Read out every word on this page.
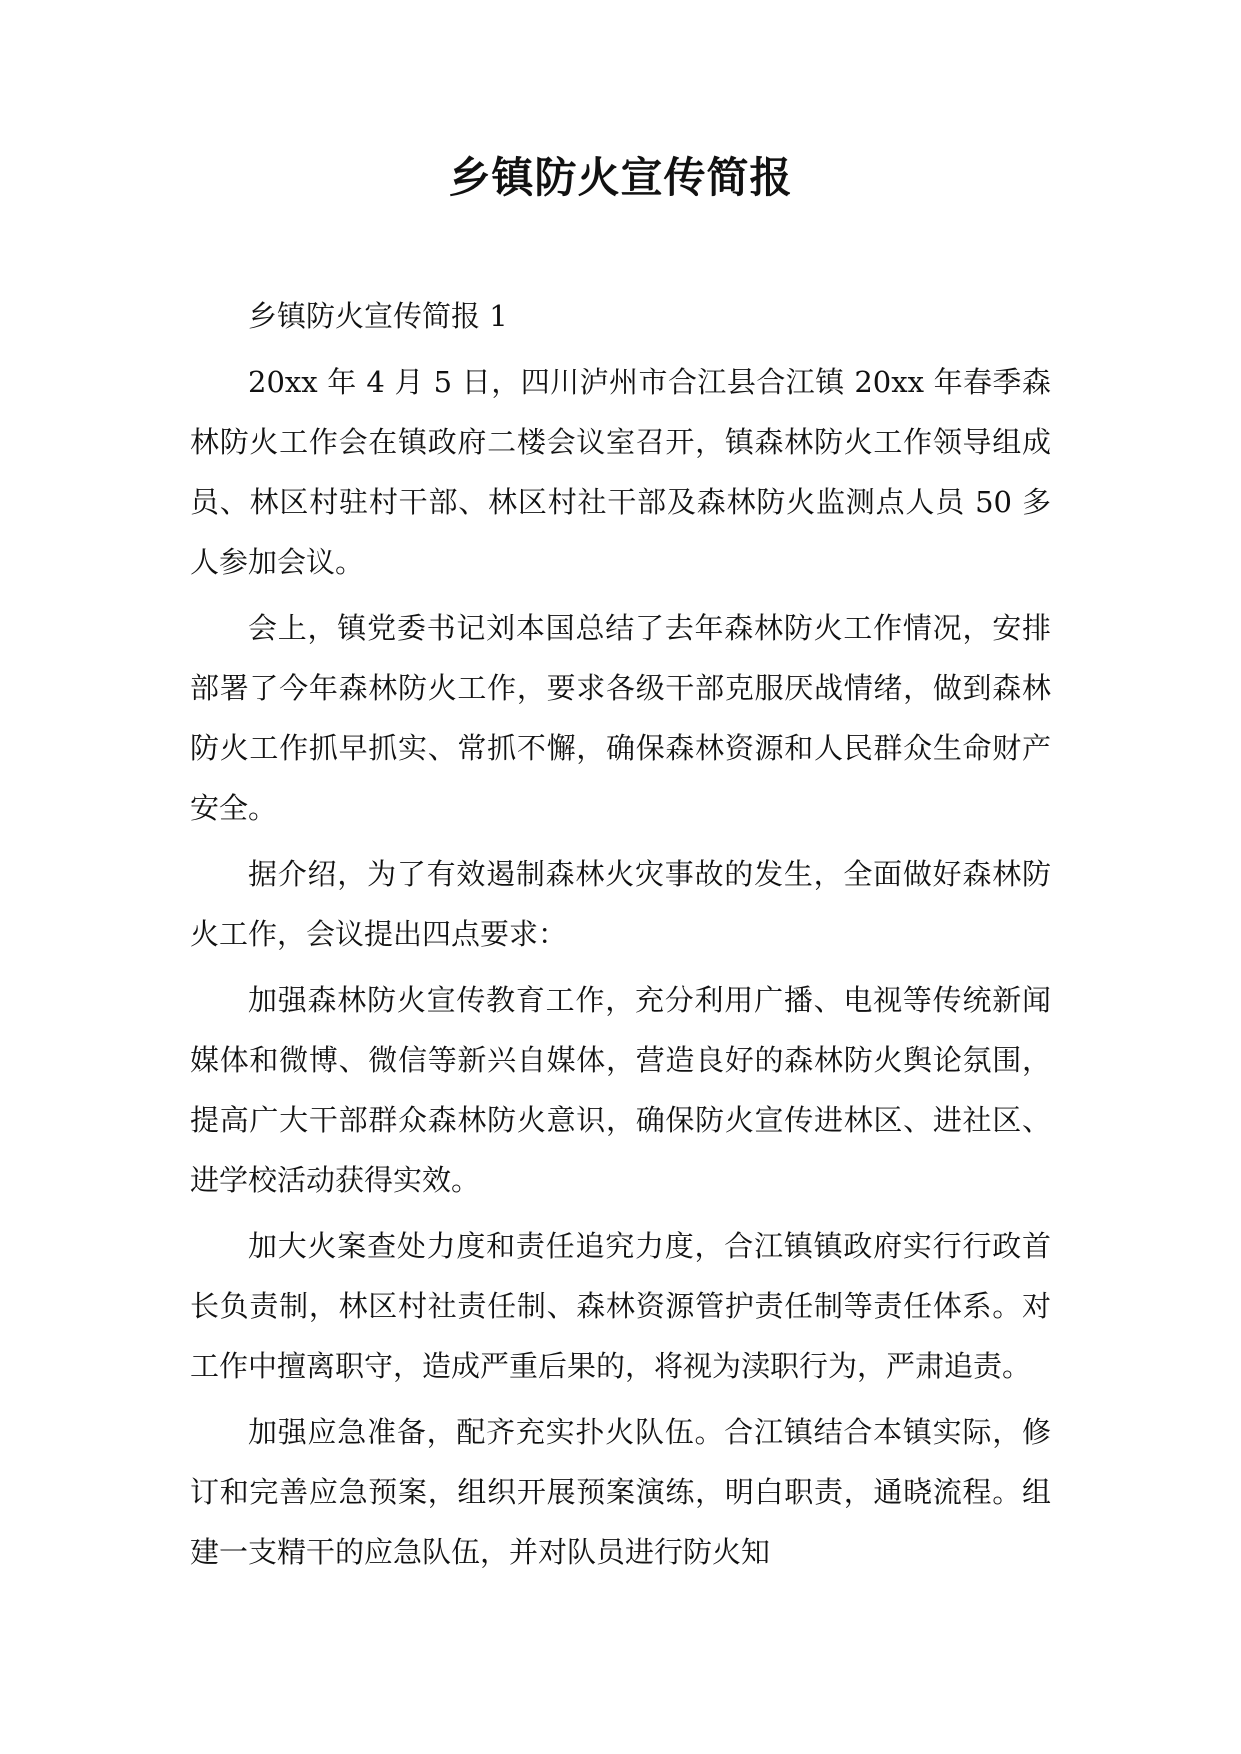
乡镇防火宣传简报

乡镇防火宣传简报 1

20xx 年 4 月 5 日，四川泸州市合江县合江镇 20xx 年春季森林防火工作会在镇政府二楼会议室召开，镇森林防火工作领导组成员、林区村驻村干部、林区村社干部及森林防火监测点人员 50 多人参加会议。

会上，镇党委书记刘本国总结了去年森林防火工作情况，安排部署了今年森林防火工作，要求各级干部克服厌战情绪，做到森林防火工作抓早抓实、常抓不懈，确保森林资源和人民群众生命财产安全。

据介绍，为了有效遏制森林火灾事故的发生，全面做好森林防火工作，会议提出四点要求：

加强森林防火宣传教育工作，充分利用广播、电视等传统新闻媒体和微博、微信等新兴自媒体，营造良好的森林防火舆论氛围，提高广大干部群众森林防火意识，确保防火宣传进林区、进社区、进学校活动获得实效。

加大火案查处力度和责任追究力度，合江镇镇政府实行行政首长负责制，林区村社责任制、森林资源管护责任制等责任体系。对工作中擅离职守，造成严重后果的，将视为渎职行为，严肃追责。

加强应急准备，配齐充实扑火队伍。合江镇结合本镇实际，修订和完善应急预案，组织开展预案演练，明白职责，通晓流程。组建一支精干的应急队伍，并对队员进行防火知
